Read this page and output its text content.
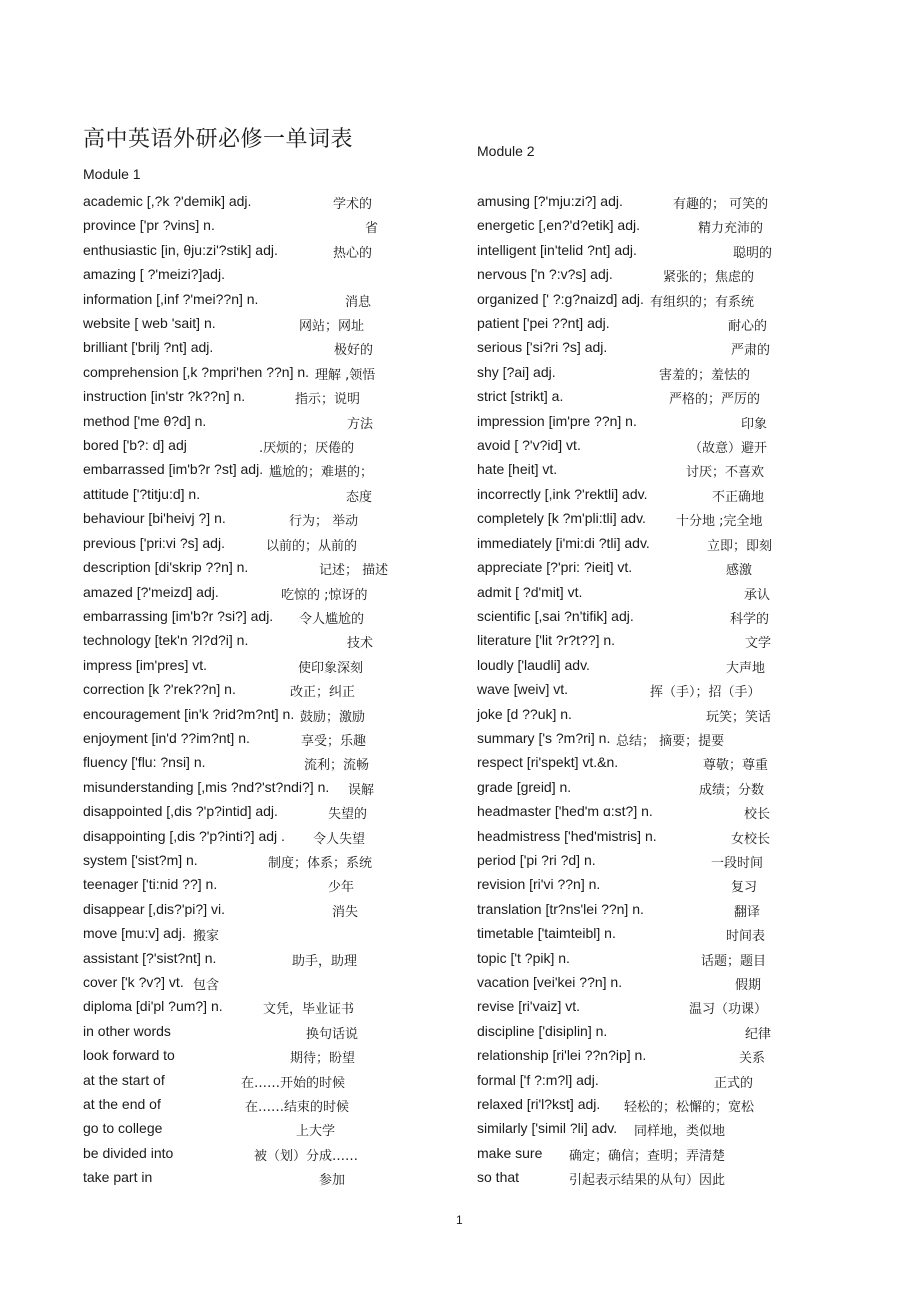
高中英语外研必修一单词表
Module 1
Module 2
academic [,?k ?'demik] adj.	学术的
province ['pr ?vins] n.	省
enthusiastic [in, θju:zi'?stik] adj.	热心的
amazing [ ?'meizi?]adj.
information [,inf ?'mei??n] n.	消息
website [ web 'sait] n.	网站；网址
brilliant ['brilj ?nt] adj.	极好的
comprehension [,k ?mpri'hen ??n] n. 理解 ,领悟
instruction [in'str ?k??n] n.	指示；说明
method ['me θ?d] n.	方法
bored ['b?: d] adj	.厌烦的；厌倦的
embarrassed [im'b?r ?st] adj. 尴尬的；难堪的；
attitude ['?titju:d] n.	态度
behaviour [bi'heivj ?] n.	行为； 举动
previous ['pri:vi ?s] adj.	以前的；从前的
description [di'skrip ??n] n.	记述； 描述
amazed [?'meizd] adj.	吃惊的 ;惊讶的
embarrassing [im'b?r ?si?] adj. 令人尴尬的
technology [tek'n ?l?d?i] n.	技术
impress [im'pres] vt.	使印象深刻
correction [k ?'rek??n] n.	改正；纠正
encouragement [in'k ?rid?m?nt] n. 鼓励；激励
enjoyment [in'd ??im?nt] n.	享受；乐趣
fluency ['flu: ?nsi] n.	流利；流畅
misunderstanding [,mis ?nd?'st?ndi?] n. 误解
disappointed [,dis ?'p?intid] adj.	失望的
disappointing [,dis ?'p?inti?] adj . 令人失望
system ['sist?m] n.	制度；体系；系统
teenager ['ti:nid ??] n.	少年
disappear [,dis?'pi?] vi.	消失
move [mu:v] adj. 搬家
assistant [?'sist?nt] n.	助手，助理
cover ['k ?v?] vt. 包含
diploma [di'pl ?um?] n.	文凭，毕业证书
in other words	换句话说
look forward to	期待；盼望
at the start of	在……开始的时候
at the end of	在……结束的时候
go to college	上大学
be divided into	被（划）分成……
take part in	参加
amusing [?'mju:zi?] adj.	有趣的； 可笑的
energetic [,en?'d?etik] adj.	精力充沛的
intelligent [in'telid ?nt] adj.	聪明的
nervous ['n ?:v?s] adj.	紧张的；焦虑的
organized [' ?:g?naizd] adj. 有组织的；有系统
patient ['pei ??nt] adj.	耐心的
serious ['si?ri ?s] adj.	严肃的
shy [?ai] adj.	害羞的；羞怯的
strict [strikt] a.	严格的；严厉的
impression [im'pre ??n] n.	印象
avoid [ ?'v?id] vt.	（故意）避开
hate [heit] vt.	讨厌；不喜欢
incorrectly [,ink ?'rektli] adv.	不正确地
completely [k ?m'pli:tli] adv. 十分地 ;完全地
immediately [i'mi:di ?tli] adv.	立即；即刻
appreciate [?'pri: ?ieit] vt.	感激
admit [ ?d'mit] vt.	承认
scientific [,sai ?n'tifik] adj.	科学的
literature ['lit ?r?t??] n.	文学
loudly ['laudli] adv.	大声地
wave [weiv] vt.	挥（手）；招（手）
joke [d ??uk] n.	玩笑；笑话
summary ['s ?m?ri] n. 总结； 摘要；提要
respect [ri'spekt] vt.&n.	尊敬；尊重
grade [greid] n.	成绩；分数
headmaster ['hed'm ɑ:st?] n.	校长
headmistress ['hed'mistris] n.	女校长
period ['pi ?ri ?d] n.	一段时间
revision [ri'vi ??n] n.	复习
translation [tr?ns'lei ??n] n.	翻译
timetable ['taimteibl] n.	时间表
topic ['t ?pik] n.	话题；题目
vacation [vei'kei ??n] n.	假期
revise [ri'vaiz] vt.	温习（功课）
discipline ['disiplin] n.	纪律
relationship [ri'lei ??n?ip] n.	关系
formal ['f ?:m?l] adj.	正式的
relaxed [ri'l?kst] adj. 轻松的；松懈的；宽松
similarly ['simil ?li] adv. 同样地，类似地
make sure 确定；确信；查明；弄清楚
so that	引起表示结果的从句）因此
1
